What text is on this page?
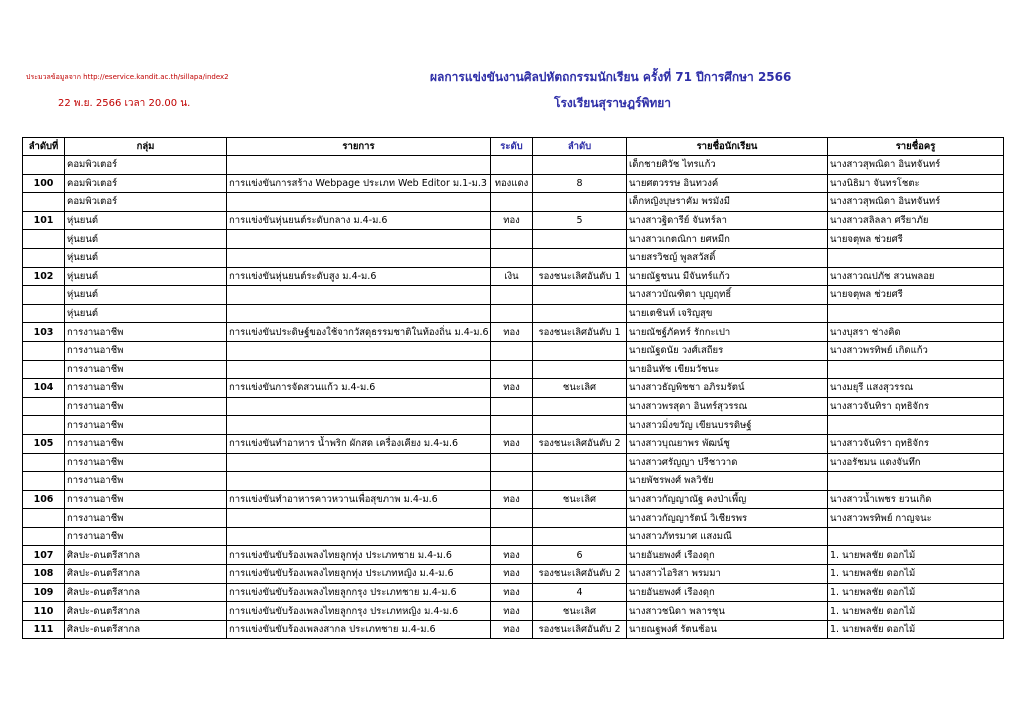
ประมวลข้อมูลจาก http://eservice.kandit.ac.th/sillapa/index2
22 พ.ย. 2566 เวลา 20.00 น.
ผลการแข่งขันงานศิลปหัตถกรรมนักเรียน ครั้งที่ 71 ปีการศึกษา 2566
โรงเรียนสุราษฎร์พิทยา
ลำดับที่	กลุ่ม	รายการ	ระดับ	ลำดับ	รายชื่อนักเรียน	รายชื่อครู
	คอมพิวเตอร์				เด็กชายศิวัช ไทรแก้ว	นางสาวสุพณิดา อินทจันทร์
100	คอมพิวเตอร์	การแข่งขันการสร้าง Webpage ประเภท Web Editor ม.1-ม.3	ทองแดง	8	นายศตวรรษ อินทวงค์	นางนิธิมา จันทรโชตะ
	คอมพิวเตอร์				เด็กหญิงบุษราคัม พรมังมี	นางสาวสุพณิดา อินทจันทร์
101	หุ่นยนต์	การแข่งขันหุ่นยนต์ระดับกลาง ม.4-ม.6	ทอง	5	นางสาวฐิดารีย์ จันทร์ลา	นางสาวสลิลลา ศรียาภัย
	หุ่นยนต์				นางสาวเกตณิกา ยศหมีก	นายจตุพล ช่วยศรี
	หุ่นยนต์				นายสรวิชญ์ พูลสวัสดิ์	
102	หุ่นยนต์	การแข่งขันหุ่นยนต์ระดับสูง ม.4-ม.6	เงิน	รองชนะเลิศอันดับ 1	นายณัฐชนน มีจันทร์แก้ว	นางสาวณปภัช สวนพลอย
	หุ่นยนต์				นางสาวบัณฑิตา บุญฤทธิ์	นายจตุพล ช่วยศรี
	หุ่นยนต์				นายเตชินท์ เจริญสุข	
103	การงานอาชีพ	การแข่งขันประดิษฐ์ของใช้จากวัสดุธรรมชาติในท้องถิ่น ม.4-ม.6	ทอง	รองชนะเลิศอันดับ 1	นายณัชฐ์ภัคทร์ รักกะเปา	นางบุสรา ช่างคิด
	การงานอาชีพ				นายณัฐดนัย วงศ์เสถียร	นางสาวพรทิพย์ เกิดแก้ว
	การงานอาชีพ				นายอินทัช เขียมวัชนะ	
104	การงานอาชีพ	การแข่งขันการจัดสวนแก้ว ม.4-ม.6	ทอง	ชนะเลิศ	นางสาวธัญพิชชา อภิรมรัตน์	นางมยุรี แสงสุวรรณ
	การงานอาชีพ				นางสาวพรสุดา อินทร์สุวรรณ	นางสาวจันทิรา ฤทธิจักร
	การงานอาชีพ				นางสาวมิ่งขวัญ เขียนบรรดิษฐ์	
105	การงานอาชีพ	การแข่งขันทำอาหาร น้ำพริก ผักสด เครื่องเคียง ม.4-ม.6	ทอง	รองชนะเลิศอันดับ 2	นางสาวบุณยาพร พัฒน์ชู	นางสาวจันทิรา ฤทธิจักร
	การงานอาชีพ				นางสาวศรัญญา ปรีชาวาด	นางอรัชมน แดงจันทึก
	การงานอาชีพ				นายพัชรพงศ์ พลวิชัย	
106	การงานอาชีพ	การแข่งขันทำอาหารคาวหวานเพื่อสุขภาพ ม.4-ม.6	ทอง	ชนะเลิศ	นางสาวกัญญาณัฐ คงป่าเพี้ญ	นางสาวน้ำเพชร ยวนเกิด
	การงานอาชีพ				นางสาวกัญญารัตน์ วิเชียรพร	นางสาวพรทิพย์ กาญจนะ
	การงานอาชีพ				นางสาวภัทรมาศ แสงมณี	
107	ศิลปะ-ดนตรีสากล	การแข่งขันขับร้องเพลงไทยลูกทุ่ง ประเภทชาย ม.4-ม.6	ทอง	6	นายอันยพงศ์ เรืองดุก	1. นายพลชัย ดอกไม้
108	ศิลปะ-ดนตรีสากล	การแข่งขันขับร้องเพลงไทยลูกทุ่ง ประเภทหญิง ม.4-ม.6	ทอง	รองชนะเลิศอันดับ 2	นางสาวไอริสา พรมมา	1. นายพลชัย ดอกไม้
109	ศิลปะ-ดนตรีสากล	การแข่งขันขับร้องเพลงไทยลูกกรุง ประเภทชาย ม.4-ม.6	ทอง	4	นายอันยพงศ์ เรืองดุก	1. นายพลชัย ดอกไม้
110	ศิลปะ-ดนตรีสากล	การแข่งขันขับร้องเพลงไทยลูกกรุง ประเภทหญิง ม.4-ม.6	ทอง	ชนะเลิศ	นางสาวชนิดา พลารชุน	1. นายพลชัย ดอกไม้
111	ศิลปะ-ดนตรีสากล	การแข่งขันขับร้องเพลงสากล ประเภทชาย ม.4-ม.6	ทอง	รองชนะเลิศอันดับ 2	นายณฐพงศ์ รัตนช้อน	1. นายพลชัย ดอกไม้
